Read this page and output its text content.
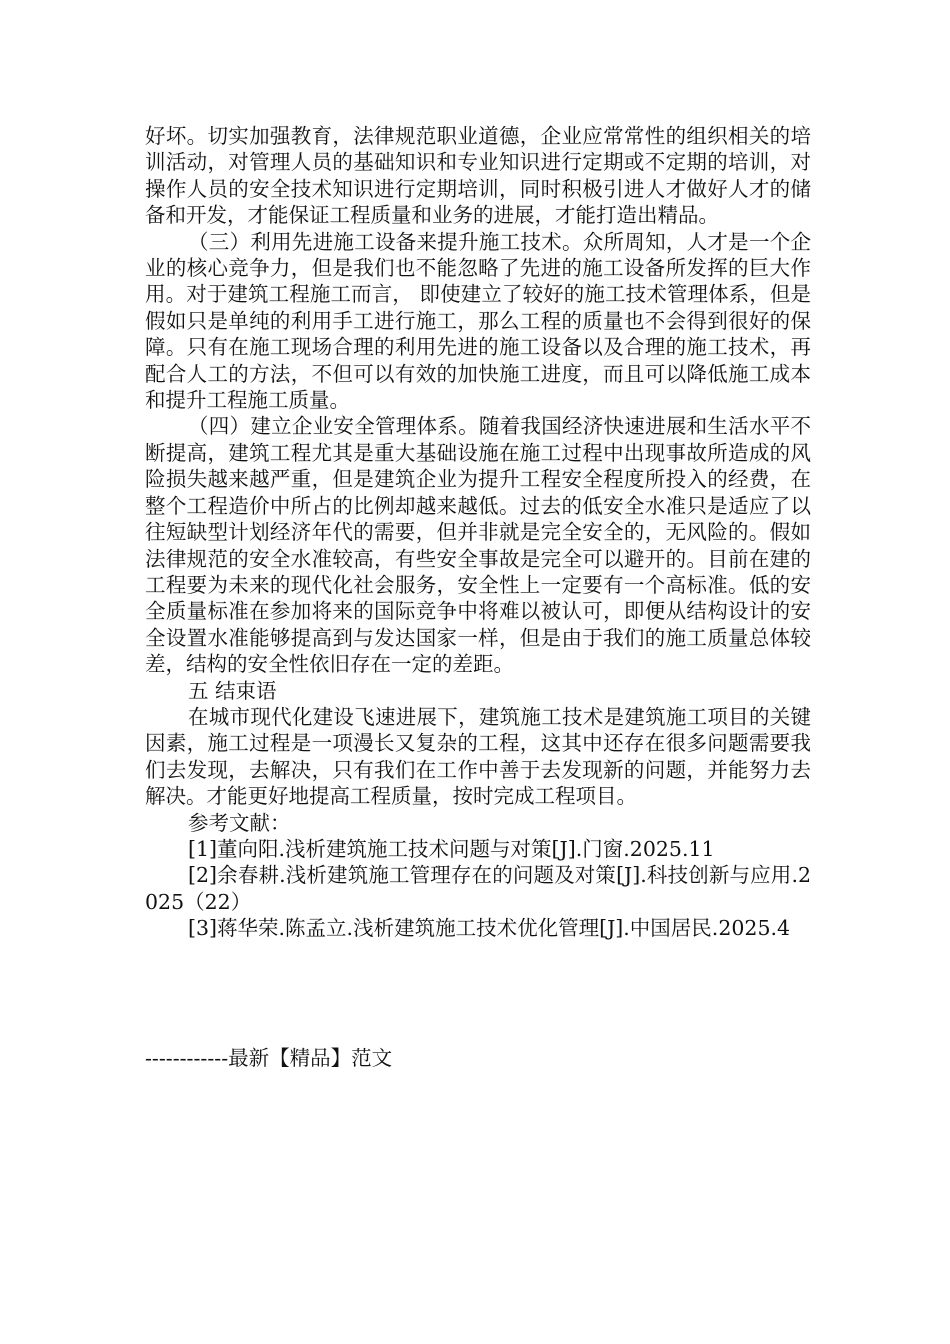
好坏。切实加强教育，法律规范职业道德，企业应常常性的组织相关的培训活动，对管理人员的基础知识和专业知识进行定期或不定期的培训，对操作人员的安全技术知识进行定期培训，同时积极引进人才做好人才的储备和开发，才能保证工程质量和业务的进展，才能打造出精品。

（三）利用先进施工设备来提升施工技术。众所周知，人才是一个企业的核心竞争力，但是我们也不能忽略了先进的施工设备所发挥的巨大作用。对于建筑工程施工而言， 即使建立了较好的施工技术管理体系，但是假如只是单纯的利用手工进行施工，那么工程的质量也不会得到很好的保障。只有在施工现场合理的利用先进的施工设备以及合理的施工技术，再配合人工的方法，不但可以有效的加快施工进度，而且可以降低施工成本和提升工程施工质量。

（四）建立企业安全管理体系。随着我国经济快速进展和生活水平不断提高，建筑工程尤其是重大基础设施在施工过程中出现事故所造成的风险损失越来越严重，但是建筑企业为提升工程安全程度所投入的经费，在整个工程造价中所占的比例却越来越低。过去的低安全水准只是适应了以往短缺型计划经济年代的需要，但并非就是完全安全的，无风险的。假如法律规范的安全水准较高，有些安全事故是完全可以避开的。目前在建的工程要为未来的现代化社会服务，安全性上一定要有一个高标准。低的安全质量标准在参加将来的国际竞争中将难以被认可，即便从结构设计的安全设置水准能够提高到与发达国家一样，但是由于我们的施工质量总体较差，结构的安全性依旧存在一定的差距。

五 结束语

在城市现代化建设飞速进展下，建筑施工技术是建筑施工项目的关键因素，施工过程是一项漫长又复杂的工程，这其中还存在很多问题需要我们去发现，去解决，只有我们在工作中善于去发现新的问题，并能努力去解决。才能更好地提高工程质量，按时完成工程项目。

参考文献：

[1]董向阳.浅析建筑施工技术问题与对策[J].门窗.2025.11

[2]余春耕.浅析建筑施工管理存在的问题及对策[J].科技创新与应用.2025（22）

[3]蒋华荣.陈孟立.浅析建筑施工技术优化管理[J].中国居民.2025.4

------------最新【精品】范文
